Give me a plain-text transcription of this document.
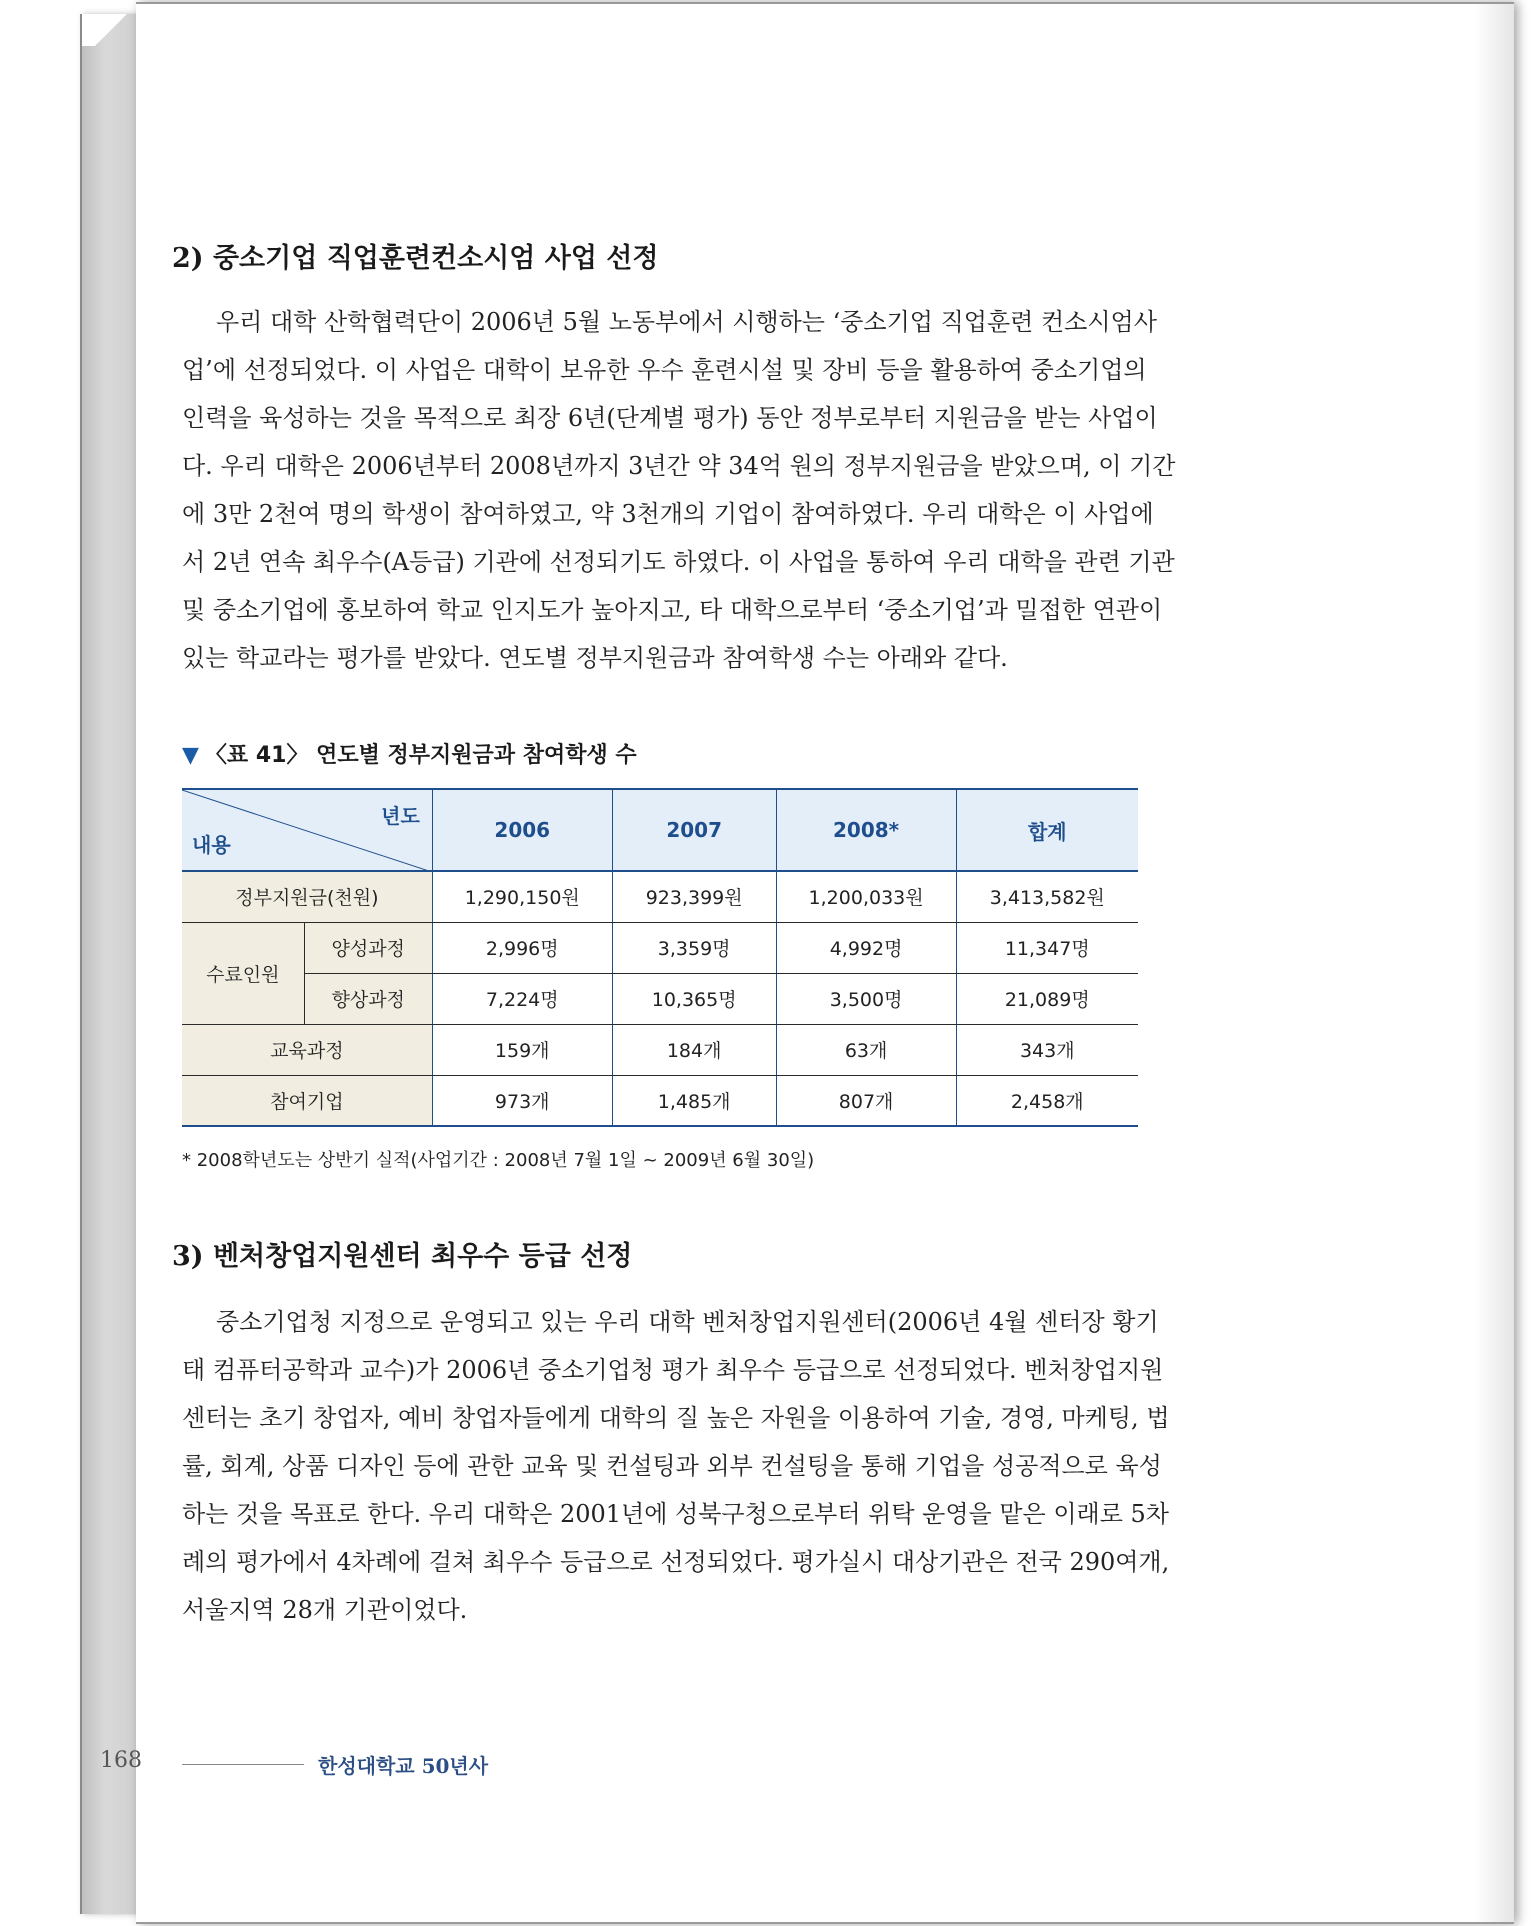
2) 중소기업 직업훈련컨소시엄 사업 선정

우리 대학 산학협력단이 2006년 5월 노동부에서 시행하는 ‘중소기업 직업훈련 컨소시엄사
업’에 선정되었다. 이 사업은 대학이 보유한 우수 훈련시설 및 장비 등을 활용하여 중소기업의
인력을 육성하는 것을 목적으로 최장 6년(단계별 평가) 동안 정부로부터 지원금을 받는 사업이
다. 우리 대학은 2006년부터 2008년까지 3년간 약 34억 원의 정부지원금을 받았으며, 이 기간
에 3만 2천여 명의 학생이 참여하였고, 약 3천개의 기업이 참여하였다. 우리 대학은 이 사업에
서 2년 연속 최우수(A등급) 기관에 선정되기도 하였다. 이 사업을 통하여 우리 대학을 관련 기관
및 중소기업에 홍보하여 학교 인지도가 높아지고, 타 대학으로부터 ‘중소기업’과 밀접한 연관이
있는 학교라는 평가를 받았다. 연도별 정부지원금과 참여학생 수는 아래와 같다.

▼ 〈표 41〉 연도별 정부지원금과 참여학생 수
년도
내용		2006	2007	2008*	합계
정부지원금(천원)		1,290,150원	923,399원	1,200,033원	3,413,582원
수료인원	양성과정	2,996명	3,359명	4,992명	11,347명
	향상과정	7,224명	10,365명	3,500명	21,089명
교육과정		159개	184개	63개	343개
참여기업		973개	1,485개	807개	2,458개

* 2008학년도는 상반기 실적(사업기간 : 2008년 7월 1일 ~ 2009년 6월 30일)

3) 벤처창업지원센터 최우수 등급 선정

중소기업청 지정으로 운영되고 있는 우리 대학 벤처창업지원센터(2006년 4월 센터장 황기
태 컴퓨터공학과 교수)가 2006년 중소기업청 평가 최우수 등급으로 선정되었다. 벤처창업지원
센터는 초기 창업자, 예비 창업자들에게 대학의 질 높은 자원을 이용하여 기술, 경영, 마케팅, 법
률, 회계, 상품 디자인 등에 관한 교육 및 컨설팅과 외부 컨설팅을 통해 기업을 성공적으로 육성
하는 것을 목표로 한다. 우리 대학은 2001년에 성북구청으로부터 위탁 운영을 맡은 이래로 5차
례의 평가에서 4차례에 걸쳐 최우수 등급으로 선정되었다. 평가실시 대상기관은 전국 290여개,
서울지역 28개 기관이었다.

168	한성대학교 50년사
